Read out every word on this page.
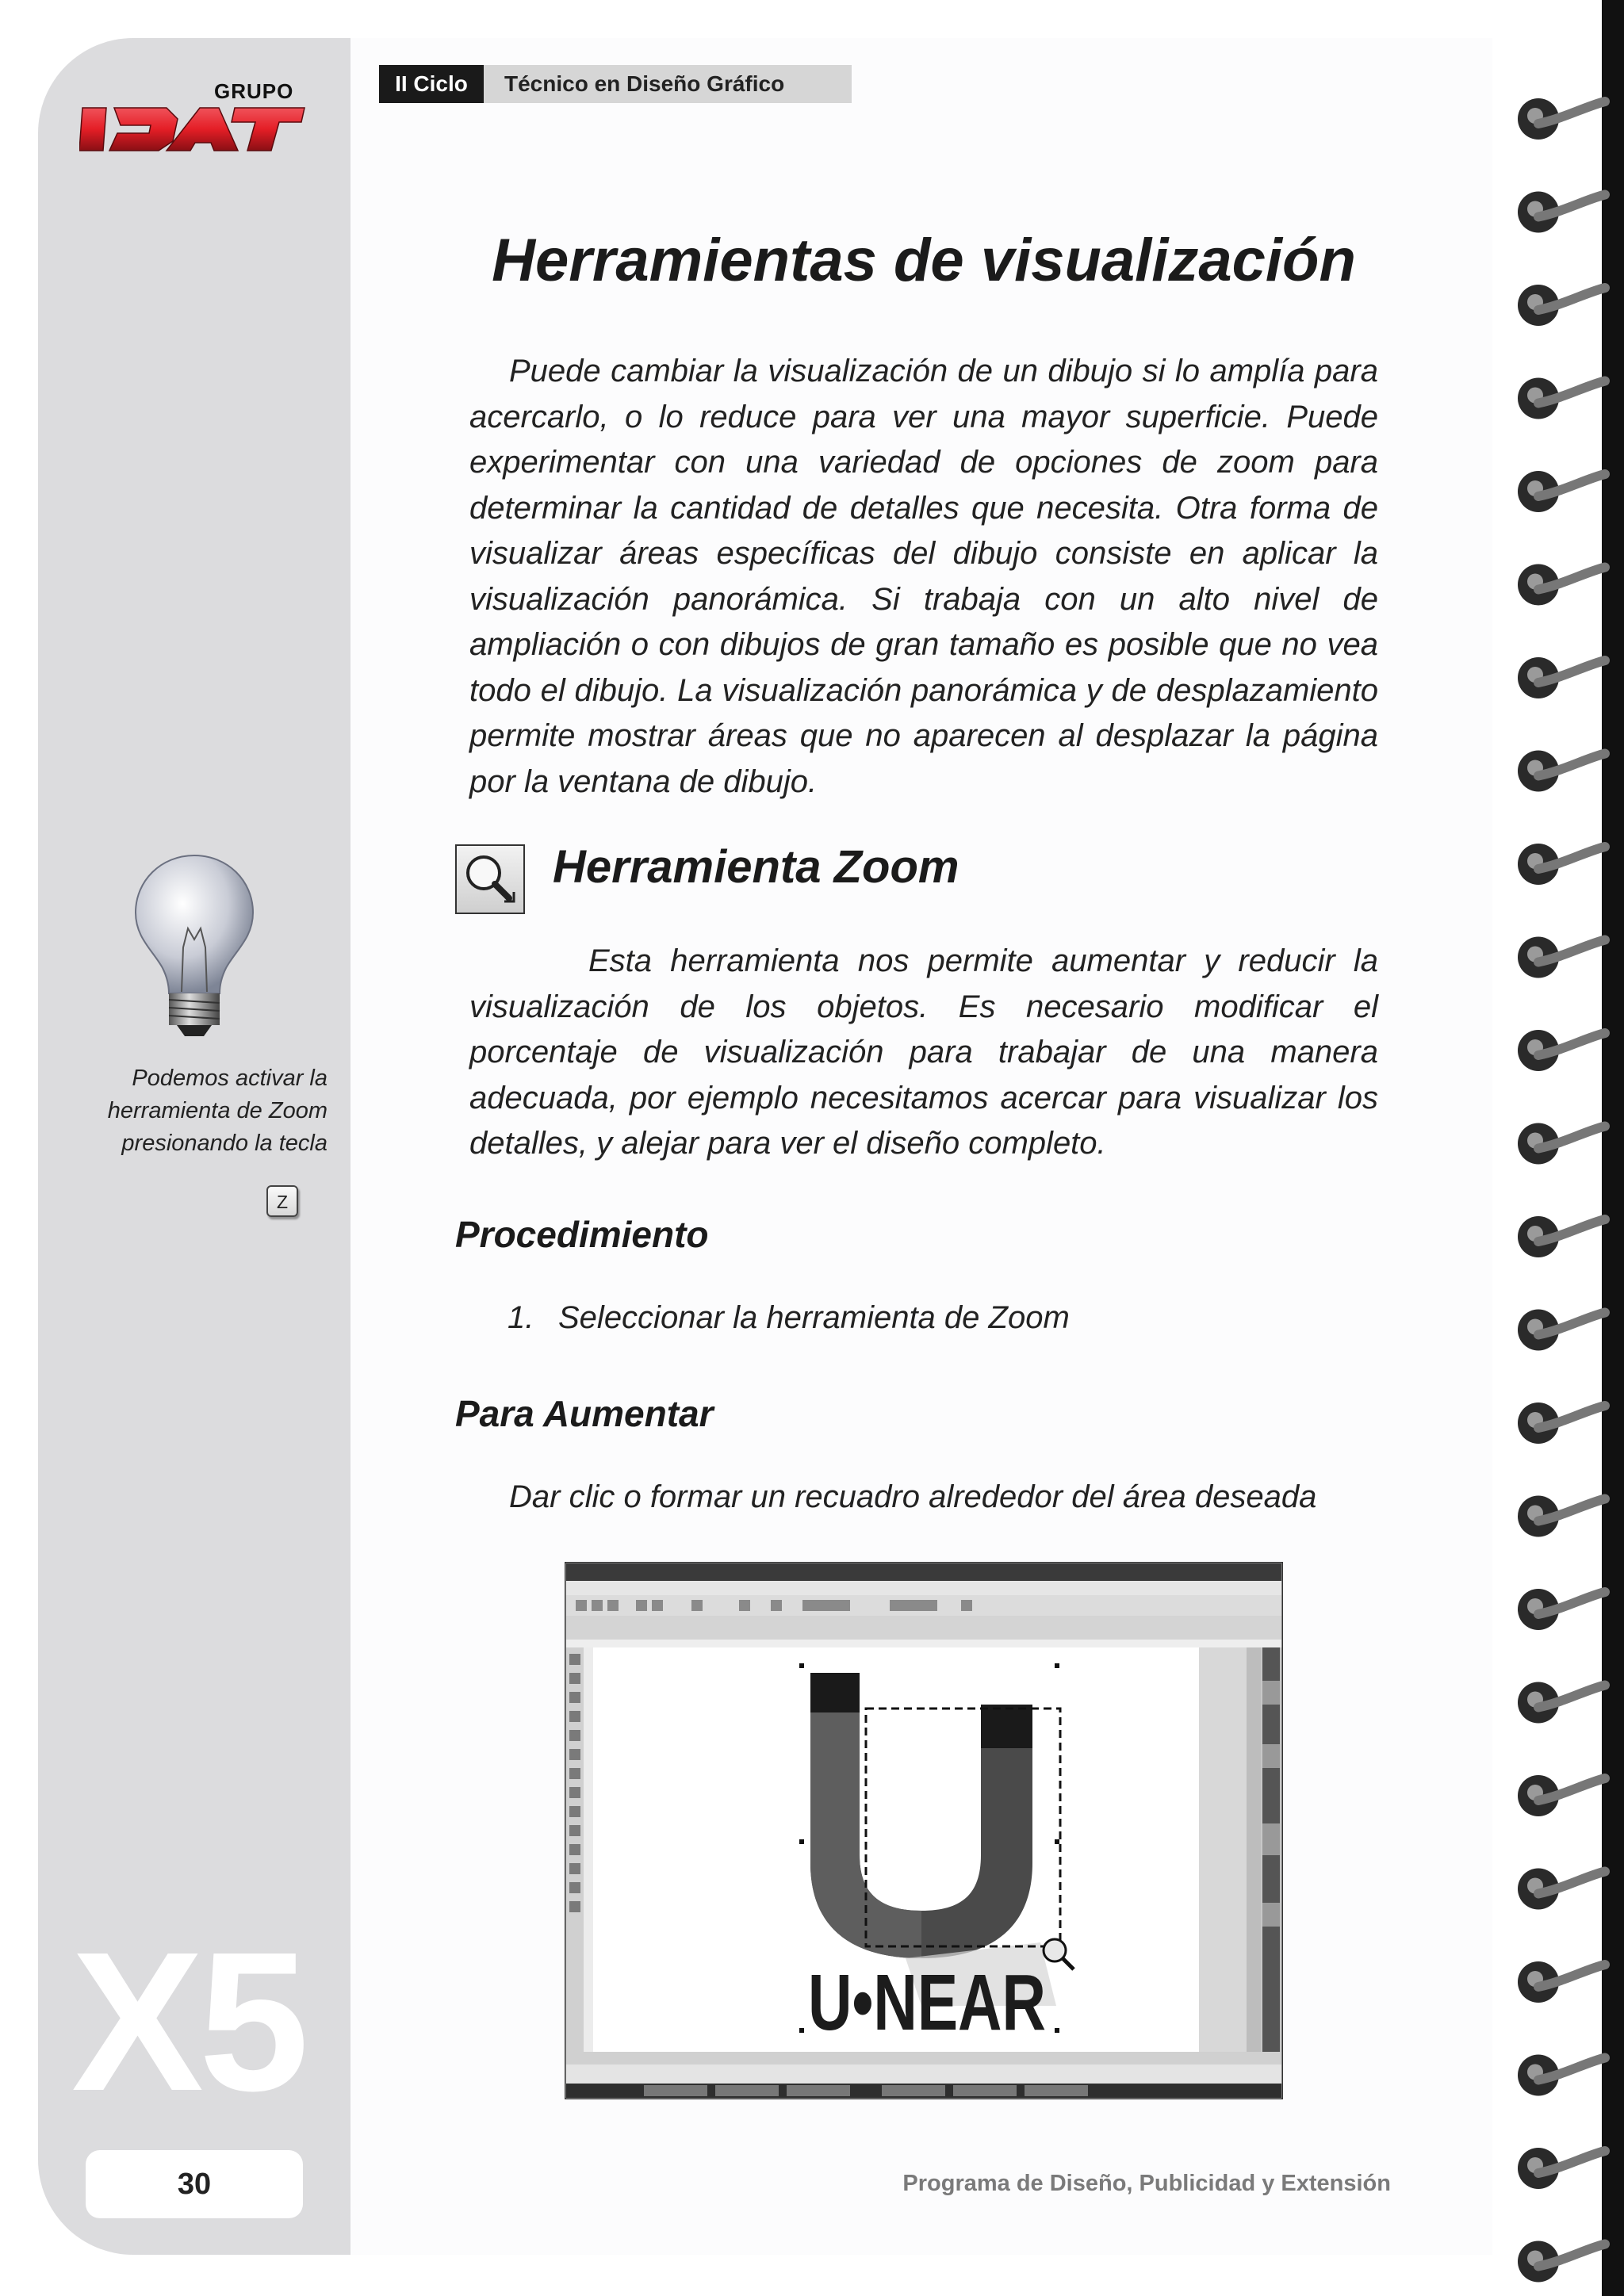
GRUPO	II Ciclo	Técnico en Diseño Gráfico
Podemos activar la
herramienta de Zoom
presionando la tecla
Z
X5
30
Herramientas de visualización
Puede cambiar la visualización de un dibujo si lo amplía para acercarlo, o lo reduce para ver una mayor superficie. Puede experimentar con una variedad de opciones de zoom para determinar la cantidad de detalles que necesita. Otra forma de visualizar áreas específicas del dibujo consiste en aplicar la visualización panorámica. Si trabaja con un alto nivel de ampliación o con dibujos de gran tamaño es posible que no vea todo el dibujo. La visualización panorámica y de desplazamiento permite mostrar áreas que no aparecen al desplazar la página por la ventana de dibujo.
Herramienta Zoom
Esta herramienta nos permite aumentar y reducir la visualización de los objetos. Es necesario modificar el porcentaje de visualización para trabajar de una manera adecuada, por ejemplo necesitamos acercar para visualizar los detalles, y alejar para ver el diseño completo.
Procedimiento
1. Seleccionar la herramienta de Zoom
Para Aumentar
Dar clic o formar un recuadro alrededor del área deseada
U•NEAR
Programa de Diseño, Publicidad y Extensión
